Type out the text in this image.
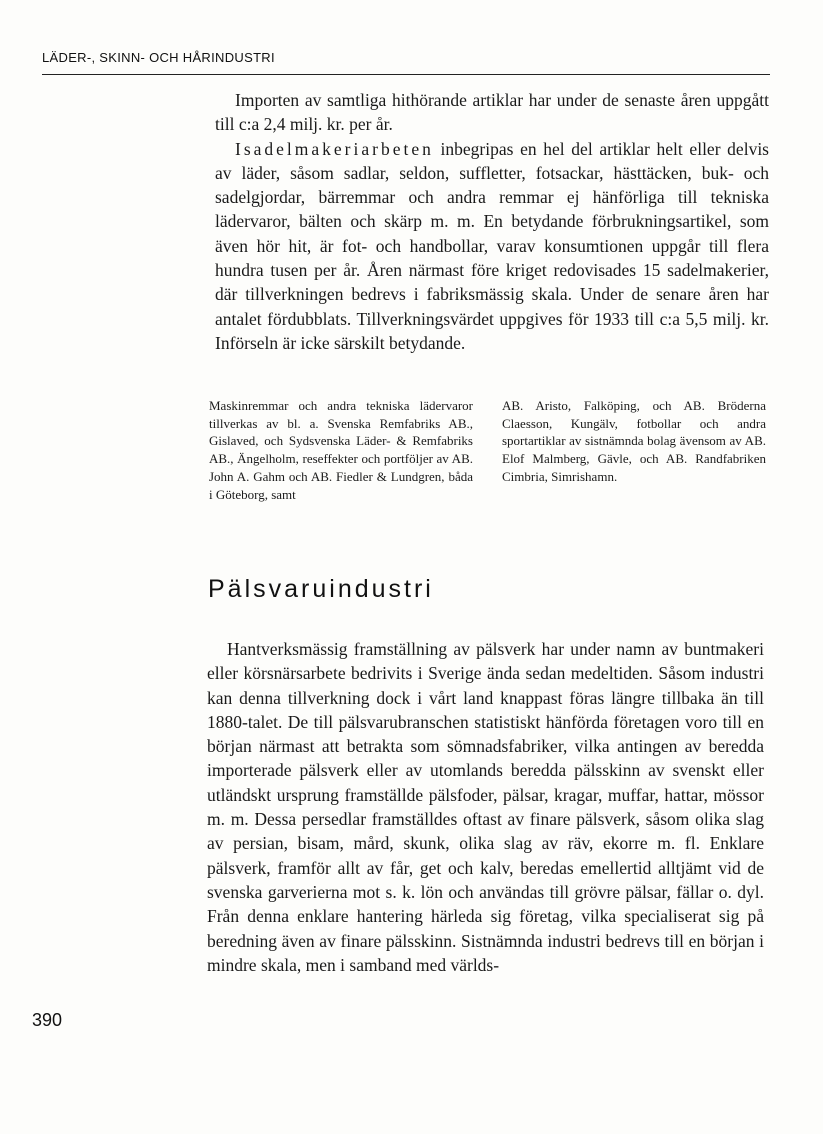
LÄDER-, SKINN- OCH HÅRINDUSTRI

Importen av samtliga hithörande artiklar har under de senaste åren uppgått till c:a 2,4 milj. kr. per år.

Isadelmakeriarbeten inbegripas en hel del artiklar helt eller delvis av läder, såsom sadlar, seldon, suffletter, fotsackar, hästtäcken, buk- och sadelgjordar, bärremmar och andra remmar ej hänförliga till tekniska lädervaror, bälten och skärp m. m. En betydande förbrukningsartikel, som även hör hit, är fot- och handbollar, varav konsumtionen uppgår till flera hundra tusen per år. Åren närmast före kriget redovisades 15 sadelmakerier, där tillverkningen bedrevs i fabriksmässig skala. Under de senare åren har antalet fördubblats. Tillverkningsvärdet uppgives för 1933 till c:a 5,5 milj. kr. Införseln är icke särskilt betydande.

Maskinremmar och andra tekniska lädervaror tillverkas av bl. a. Svenska Remfabriks AB., Gislaved, och Sydsvenska Läder- & Remfabriks AB., Ängelholm, reseffekter och portföljer av AB. John A. Gahm och AB. Fiedler & Lundgren, båda i Göteborg, samt
AB. Aristo, Falköping, och AB. Bröderna Claesson, Kungälv, fotbollar och andra sportartiklar av sistnämnda bolag ävensom av AB. Elof Malmberg, Gävle, och AB. Randfabriken Cimbria, Simrishamn.
Pälsvaruindustri

Hantverksmässig framställning av pälsverk har under namn av buntmakeri eller körsnärsarbete bedrivits i Sverige ända sedan medeltiden. Såsom industri kan denna tillverkning dock i vårt land knappast föras längre tillbaka än till 1880-talet. De till pälsvarubranschen statistiskt hänförda företagen voro till en början närmast att betrakta som sömnadsfabriker, vilka antingen av beredda importerade pälsverk eller av utomlands beredda pälsskinn av svenskt eller utländskt ursprung framställde pälsfoder, pälsar, kragar, muffar, hattar, mössor m. m. Dessa persedlar framställdes oftast av finare pälsverk, såsom olika slag av persian, bisam, mård, skunk, olika slag av räv, ekorre m. fl. Enklare pälsverk, framför allt av får, get och kalv, beredas emellertid alltjämt vid de svenska garverierna mot s. k. lön och användas till grövre pälsar, fällar o. dyl. Från denna enklare hantering härleda sig företag, vilka specialiserat sig på beredning även av finare pälsskinn. Sistnämnda industri bedrevs till en början i mindre skala, men i samband med världs-

390
